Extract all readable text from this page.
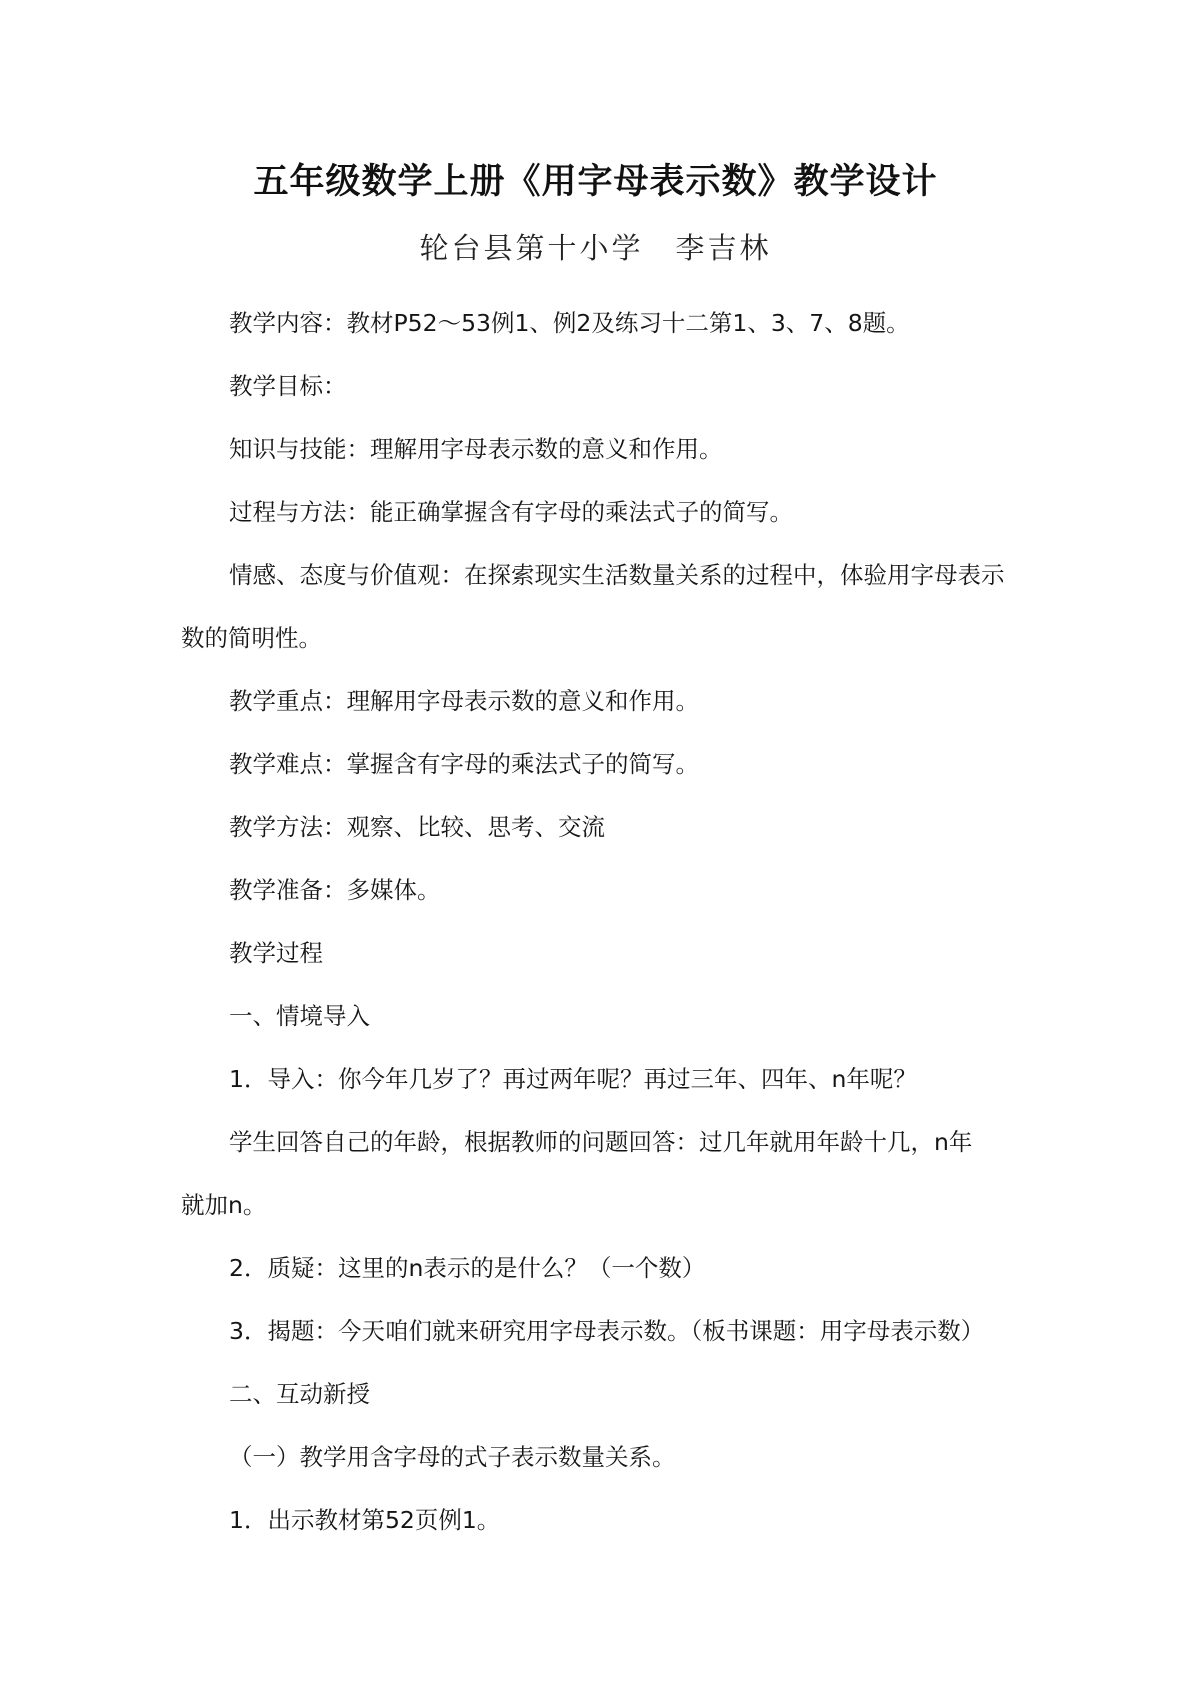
五年级数学上册《用字母表示数》教学设计
轮台县第十小学　李吉林
教学内容：教材P52～53例1、例2及练习十二第1、3、7、8题。
教学目标：
知识与技能：理解用字母表示数的意义和作用。
过程与方法：能正确掌握含有字母的乘法式子的简写。
情感、态度与价值观：在探索现实生活数量关系的过程中，体验用字母表示
数的简明性。
教学重点：理解用字母表示数的意义和作用。
教学难点：掌握含有字母的乘法式子的简写。
教学方法：观察、比较、思考、交流
教学准备：多媒体。
教学过程
一、情境导入
1．导入：你今年几岁了？再过两年呢？再过三年、四年、n年呢？
学生回答自己的年龄，根据教师的问题回答：过几年就用年龄十几，n年
就加n。
2．质疑：这里的n表示的是什么？（一个数）
3．揭题：今天咱们就来研究用字母表示数。（板书课题：用字母表示数）
二、互动新授
（一）教学用含字母的式子表示数量关系。
1．出示教材第52页例1。
